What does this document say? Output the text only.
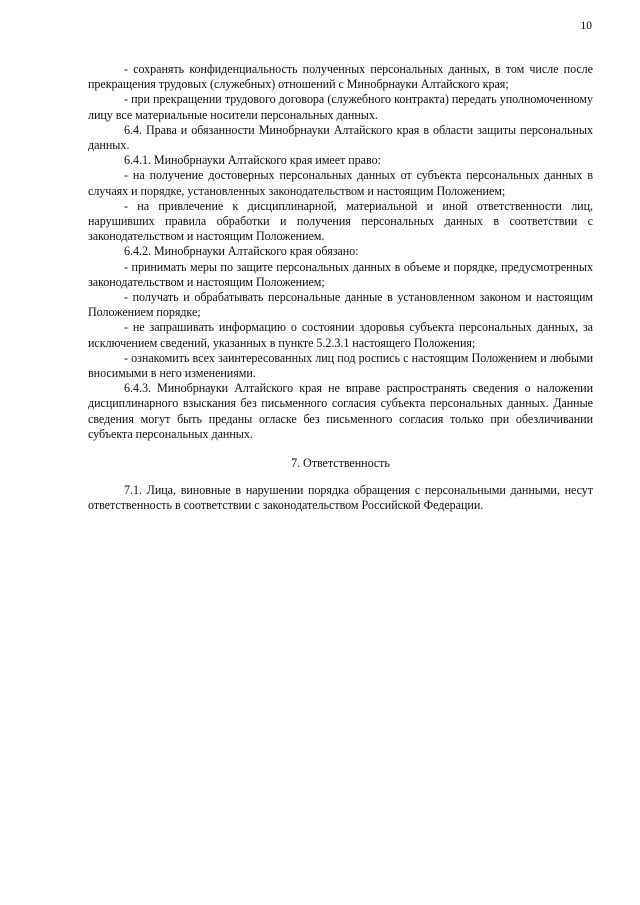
10

- сохранять конфиденциальность полученных персональных данных, в том числе после прекращения трудовых (служебных) отношений с Минобрнауки Алтайского края;

- при прекращении трудового договора (служебного контракта) передать уполномоченному лицу все материальные носители персональных данных.

6.4. Права и обязанности Минобрнауки Алтайского края в области защиты персональных данных.

6.4.1. Минобрнауки Алтайского края имеет право:

- на получение достоверных персональных данных от субъекта персональных данных в случаях и порядке, установленных законодательством и настоящим Положением;

- на привлечение к дисциплинарной, материальной и иной ответственности лиц, нарушивших правила обработки и получения персональных данных в соответствии с законодательством и настоящим Положением.

6.4.2. Минобрнауки Алтайского края обязано:

- принимать меры по защите персональных данных в объеме и порядке, предусмотренных законодательством и настоящим Положением;

- получать и обрабатывать персональные данные в установленном законом и настоящим Положением порядке;

- не запрашивать информацию о состоянии здоровья субъекта персональных данных, за исключением сведений, указанных в пункте 5.2.3.1 настоящего Положения;

- ознакомить всех заинтересованных лиц под роспись с настоящим Положением и любыми вносимыми в него изменениями.

6.4.3. Минобрнауки Алтайского края не вправе распространять сведения о наложении дисциплинарного взыскания без письменного согласия субъекта персональных данных. Данные сведения могут быть преданы огласке без письменного согласия только при обезличивании субъекта персональных данных.

7. Ответственность

7.1. Лица, виновные в нарушении порядка обращения с персональными данными, несут ответственность в соответствии с законодательством Российской Федерации.
